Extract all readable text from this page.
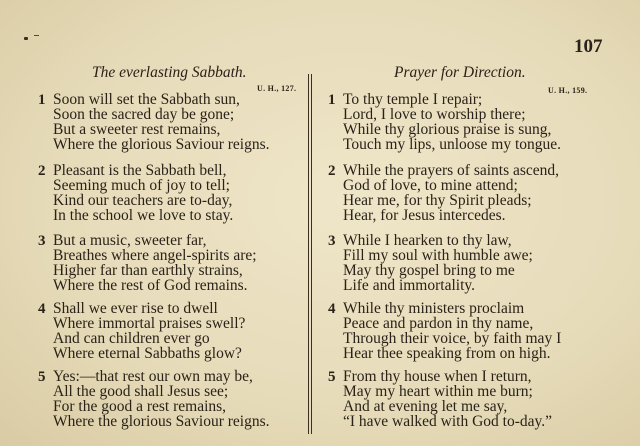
107
The everlasting Sabbath.
U. H., 127.
1 Soon will set the Sabbath sun,
Soon the sacred day be gone;
But a sweeter rest remains,
Where the glorious Saviour reigns.
2 Pleasant is the Sabbath bell,
Seeming much of joy to tell;
Kind our teachers are to-day,
In the school we love to stay.
3 But a music, sweeter far,
Breathes where angel-spirits are;
Higher far than earthly strains,
Where the rest of God remains.
4 Shall we ever rise to dwell
Where immortal praises swell?
And can children ever go
Where eternal Sabbaths glow?
5 Yes:—that rest our own may be,
All the good shall Jesus see;
For the good a rest remains,
Where the glorious Saviour reigns.
Prayer for Direction.
U. H., 159.
1 To thy temple I repair;
Lord, I love to worship there;
While thy glorious praise is sung,
Touch my lips, unloose my tongue.
2 While the prayers of saints ascend,
God of love, to mine attend;
Hear me, for thy Spirit pleads;
Hear, for Jesus intercedes.
3 While I hearken to thy law,
Fill my soul with humble awe;
May thy gospel bring to me
Life and immortality.
4 While thy ministers proclaim
Peace and pardon in thy name,
Through their voice, by faith may I
Hear thee speaking from on high.
5 From thy house when I return,
May my heart within me burn;
And at evening let me say,
“I have walked with God to-day.”
